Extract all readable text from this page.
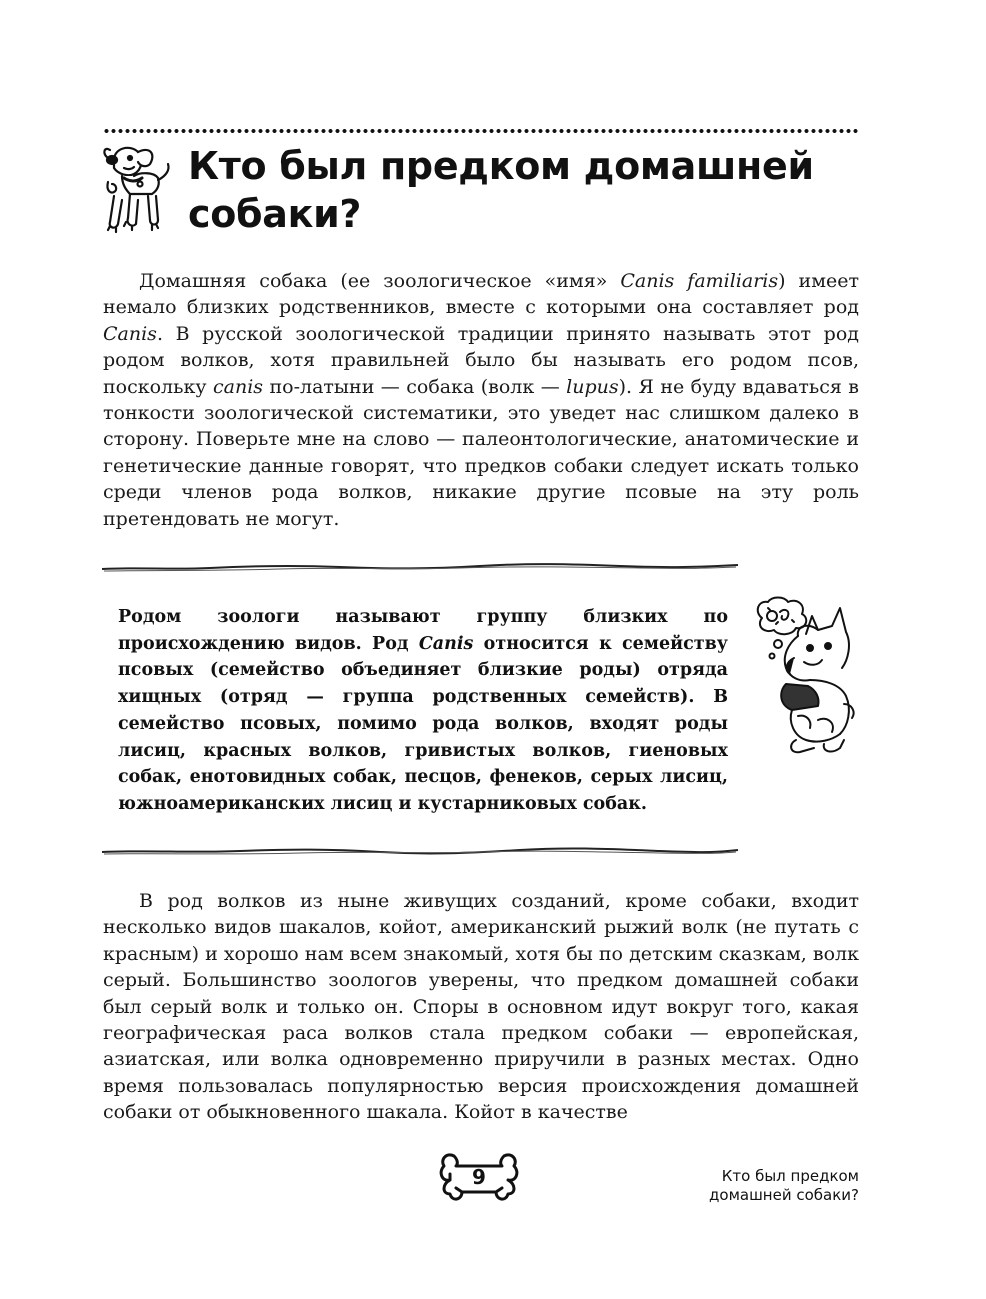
Кто был предком домашней собаки?

Домашняя собака (ее зоологическое «имя» Canis familiaris) имеет немало близких родственников, вместе с которыми она составляет род Canis. В русской зоологической традиции принято называть этот род родом волков, хотя правильней было бы называть его родом псов, поскольку canis по-латыни — собака (волк — lupus). Я не буду вдаваться в тонкости зоологической систематики, это уведет нас слишком далеко в сторону. Поверьте мне на слово — палеонтологические, анатомические и генетические данные говорят, что предков собаки следует искать только среди членов рода волков, никакие другие псовые на эту роль претендовать не могут.

Родом зоологи называют группу близких по происхождению видов. Род Canis относится к семейству псовых (семейство объединяет близкие роды) отряда хищных (отряд — группа родственных семейств). В семейство псовых, помимо рода волков, входят роды лисиц, красных волков, гривистых волков, гиеновых собак, енотовидных собак, песцов, фенеков, серых лисиц, южноамериканских лисиц и кустарниковых собак.

В род волков из ныне живущих созданий, кроме собаки, входит несколько видов шакалов, койот, американский рыжий волк (не путать с красным) и хорошо нам всем знакомый, хотя бы по детским сказкам, волк серый. Большинство зоологов уверены, что предком домашней собаки был серый волк и только он. Споры в основном идут вокруг того, какая географическая раса волков стала предком собаки — европейская, азиатская, или волка одновременно приручили в разных местах. Одно время пользовалась популярностью версия происхождения домашней собаки от обыкновенного шакала. Койот в качестве

9	Кто был предком
домашней собаки?
